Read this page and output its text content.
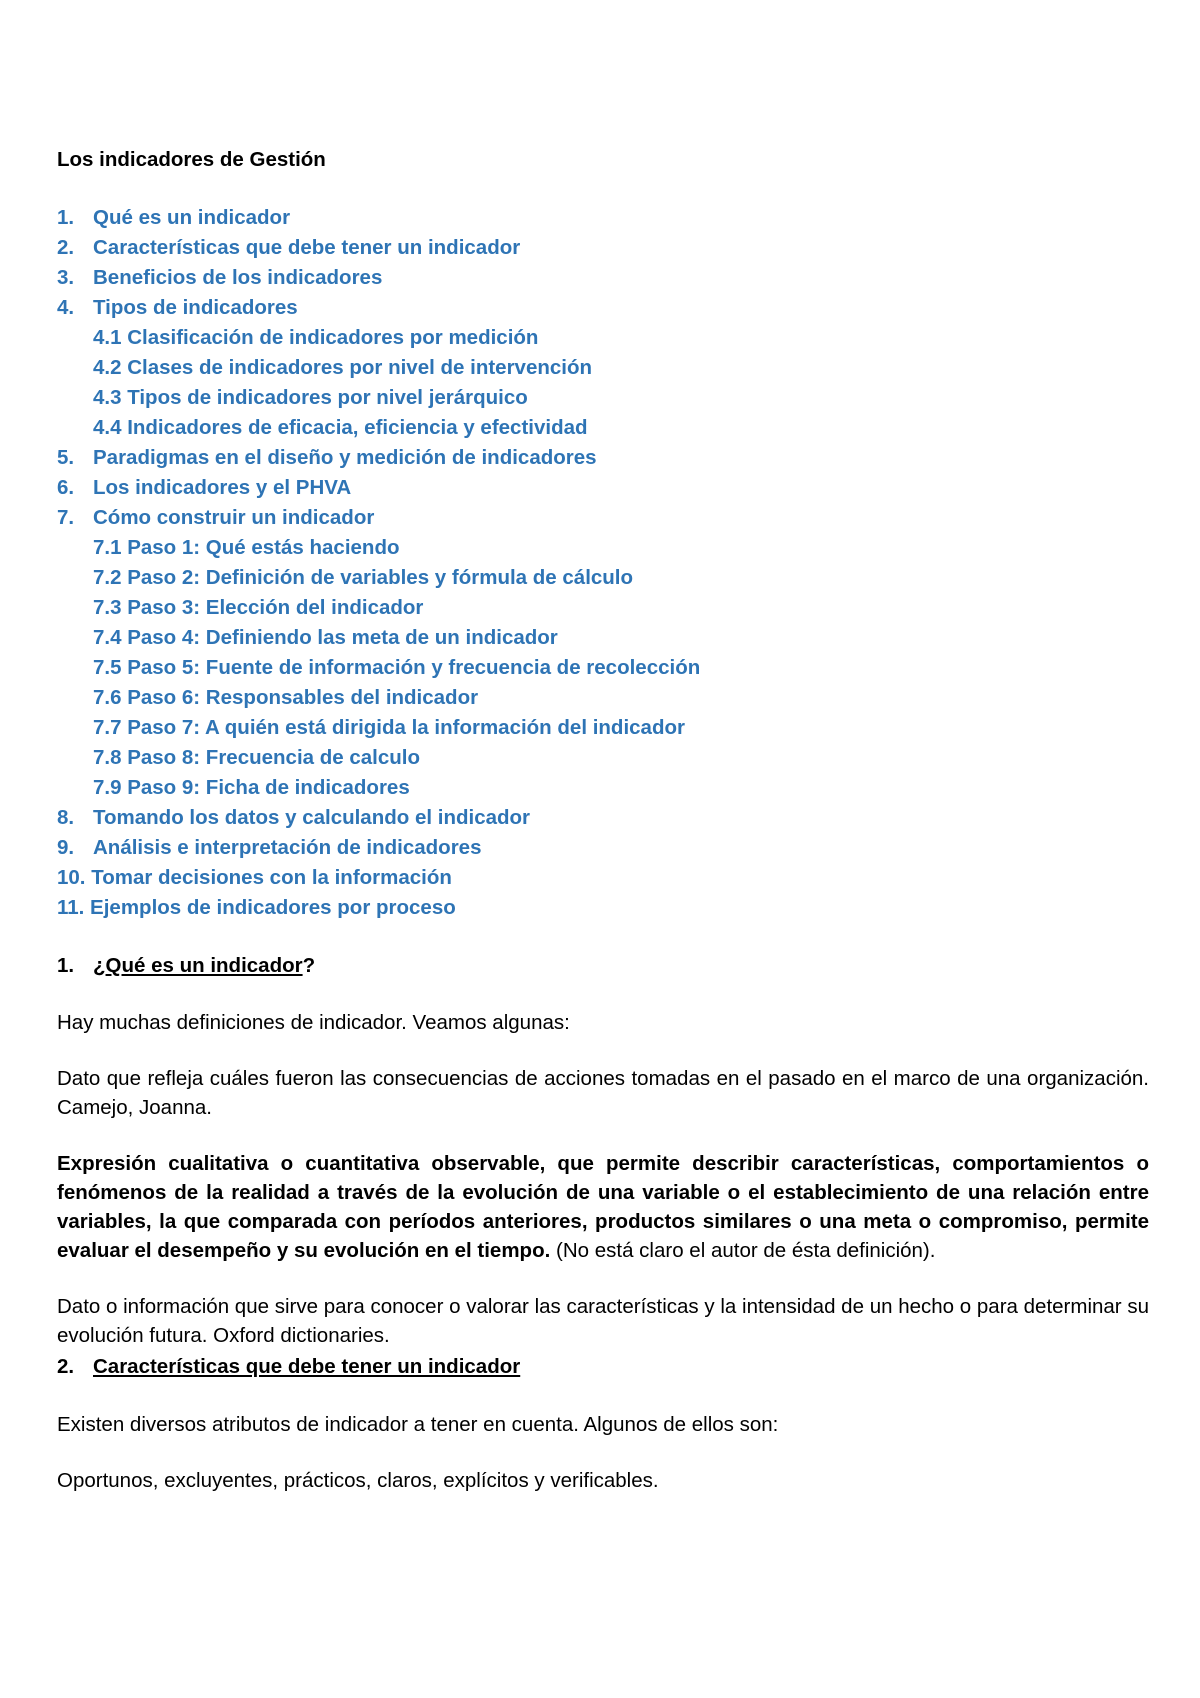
Los indicadores de Gestión
1. Qué es un indicador
2. Características que debe tener un indicador
3. Beneficios de los indicadores
4. Tipos de indicadores
4.1 Clasificación de indicadores por medición
4.2 Clases de indicadores por nivel de intervención
4.3 Tipos de indicadores por nivel jerárquico
4.4 Indicadores de eficacia, eficiencia y efectividad
5. Paradigmas en el diseño y medición de indicadores
6. Los indicadores y el PHVA
7. Cómo construir un indicador
7.1 Paso 1: Qué estás haciendo
7.2 Paso 2: Definición de variables y fórmula de cálculo
7.3 Paso 3: Elección del indicador
7.4 Paso 4: Definiendo las meta de un indicador
7.5 Paso 5: Fuente de información y frecuencia de recolección
7.6 Paso 6: Responsables del indicador
7.7 Paso 7: A quién está dirigida la información del indicador
7.8 Paso 8: Frecuencia de calculo
7.9 Paso 9: Ficha de indicadores
8. Tomando los datos y calculando el indicador
9. Análisis e interpretación de indicadores
10. Tomar decisiones con la información
11. Ejemplos de indicadores por proceso
1. ¿Qué es un indicador?
Hay muchas definiciones de indicador. Veamos algunas:
Dato que refleja cuáles fueron las consecuencias de acciones tomadas en el pasado en el marco de una organización. Camejo, Joanna.
Expresión cualitativa o cuantitativa observable, que permite describir características, comportamientos o fenómenos de la realidad a través de la evolución de una variable o el establecimiento de una relación entre variables, la que comparada con períodos anteriores, productos similares o una meta o compromiso, permite evaluar el desempeño y su evolución en el tiempo. (No está claro el autor de ésta definición).
Dato o información que sirve para conocer o valorar las características y la intensidad de un hecho o para determinar su evolución futura. Oxford dictionaries.
2. Características que debe tener un indicador
Existen diversos atributos de indicador a tener en cuenta. Algunos de ellos son:
Oportunos, excluyentes, prácticos, claros, explícitos y verificables.
